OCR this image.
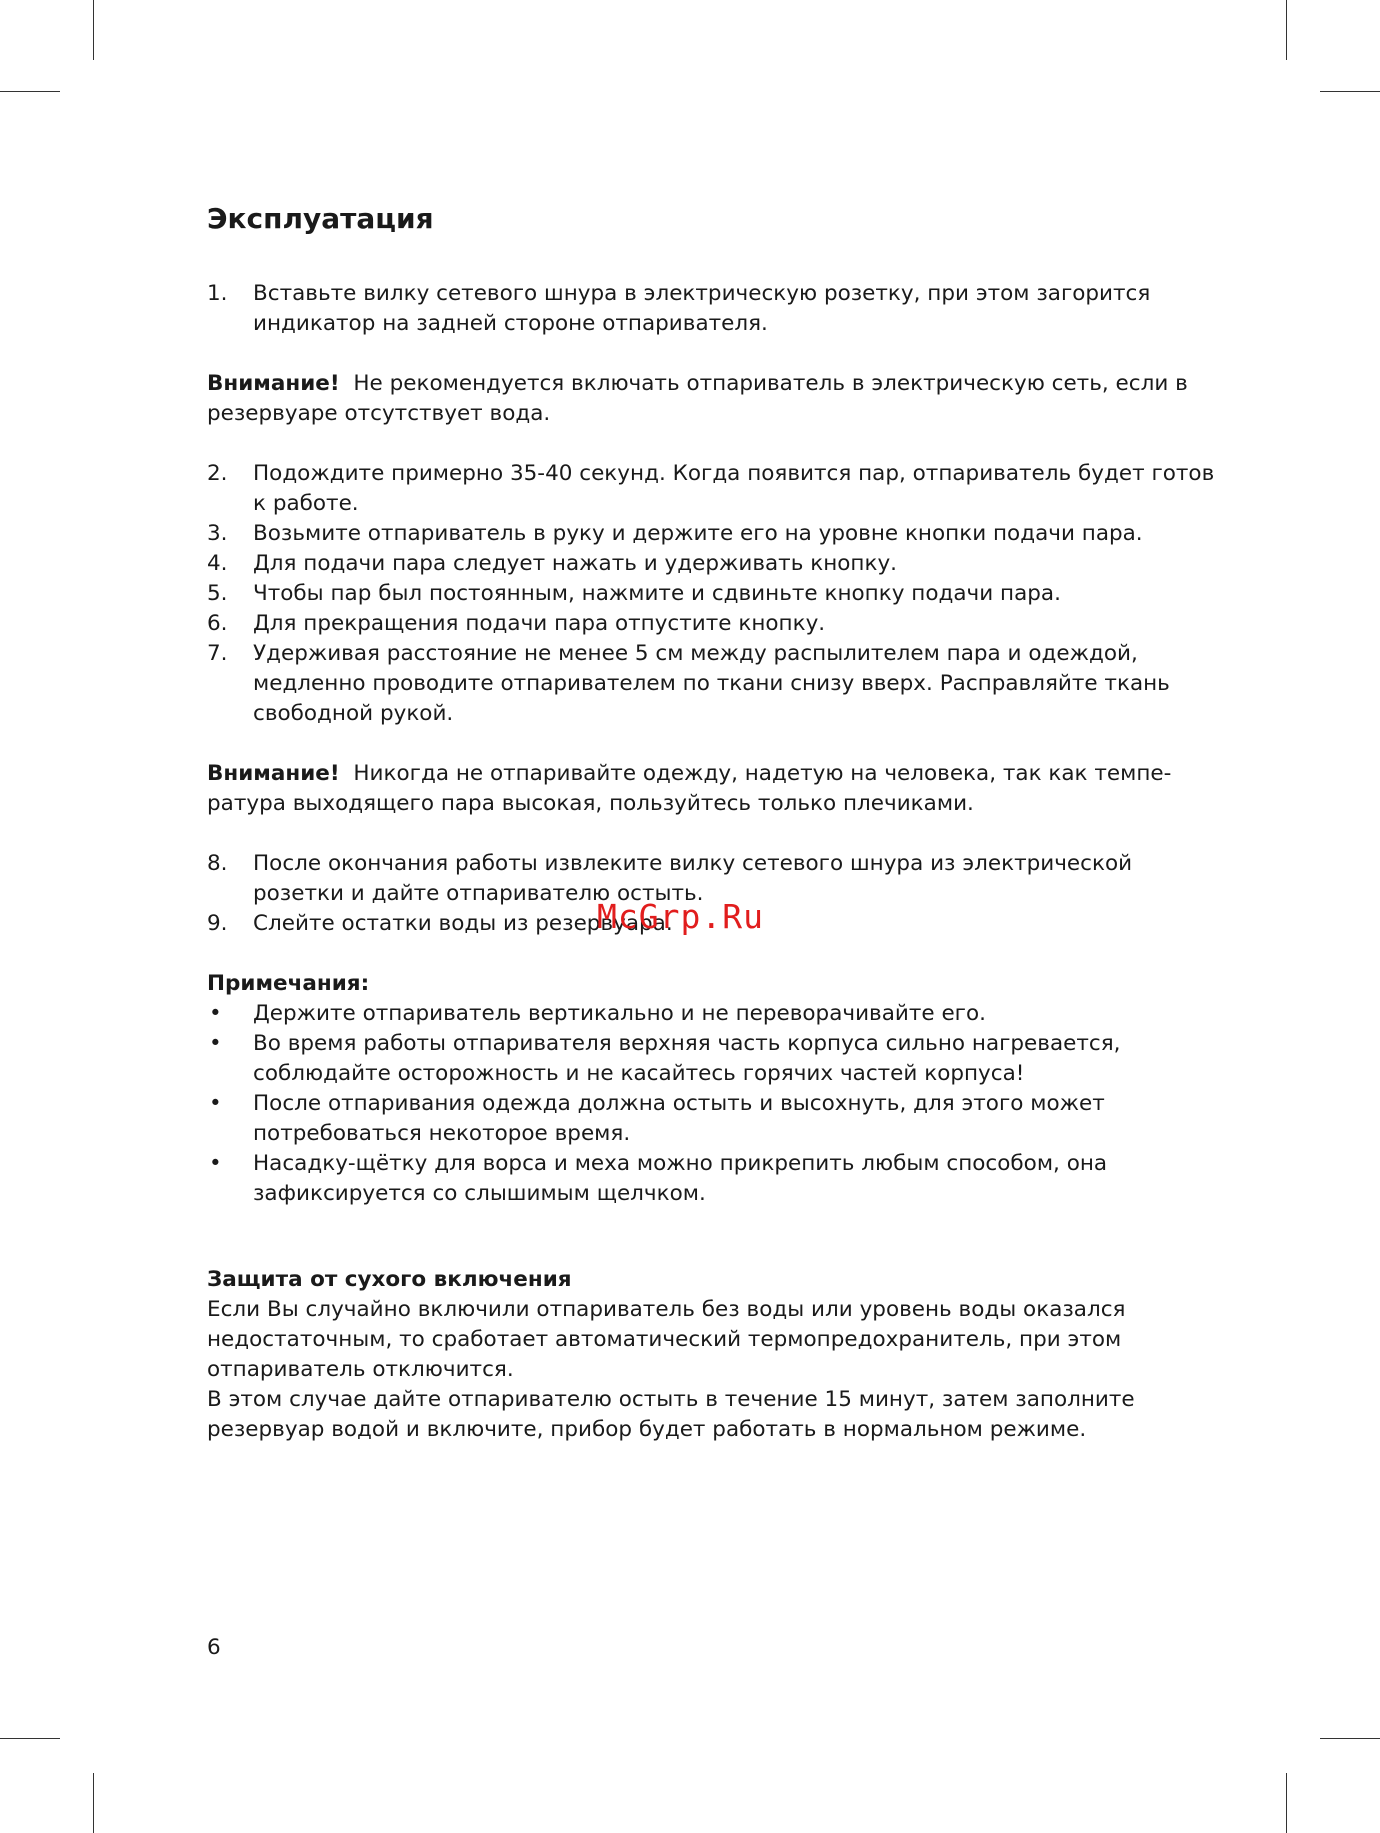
Эксплуатация
1. Вставьте вилку сетевого шнура в электрическую розетку, при этом загорится индикатор на задней стороне отпаривателя.
Внимание! Не рекомендуется включать отпариватель в электрическую сеть, если в резервуаре отсутствует вода.
2. Подождите примерно 35-40 секунд. Когда появится пар, отпариватель будет готов к работе.
3. Возьмите отпариватель в руку и держите его на уровне кнопки подачи пара.
4. Для подачи пара следует нажать и удерживать кнопку.
5. Чтобы пар был постоянным, нажмите и сдвиньте кнопку подачи пара.
6. Для прекращения подачи пара отпустите кнопку.
7. Удерживая расстояние не менее 5 см между распылителем пара и одеждой, медленно проводите отпаривателем по ткани снизу вверх. Расправляйте ткань свободной рукой.
Внимание! Никогда не отпаривайте одежду, надетую на человека, так как темпе-ратура выходящего пара высокая, пользуйтесь только плечиками.
8. После окончания работы извлеките вилку сетевого шнура из электрической розетки и дайте отпаривателю остыть.
9. Слейте остатки воды из резервуара.
Примечания:
• Держите отпариватель вертикально и не переворачивайте его.
• Во время работы отпаривателя верхняя часть корпуса сильно нагревается, соблюдайте осторожность и не касайтесь горячих частей корпуса!
• После отпаривания одежда должна остыть и высохнуть, для этого может потребоваться некоторое время.
• Насадку-щётку для ворса и меха можно прикрепить любым способом, она зафиксируется со слышимым щелчком.
Защита от сухого включения
Если Вы случайно включили отпариватель без воды или уровень воды оказался недостаточным, то сработает автоматический термопредохранитель, при этом отпариватель отключится.
В этом случае дайте отпаривателю остыть в течение 15 минут, затем заполните резервуар водой и включите, прибор будет работать в нормальном режиме.
McGrp.Ru
6
